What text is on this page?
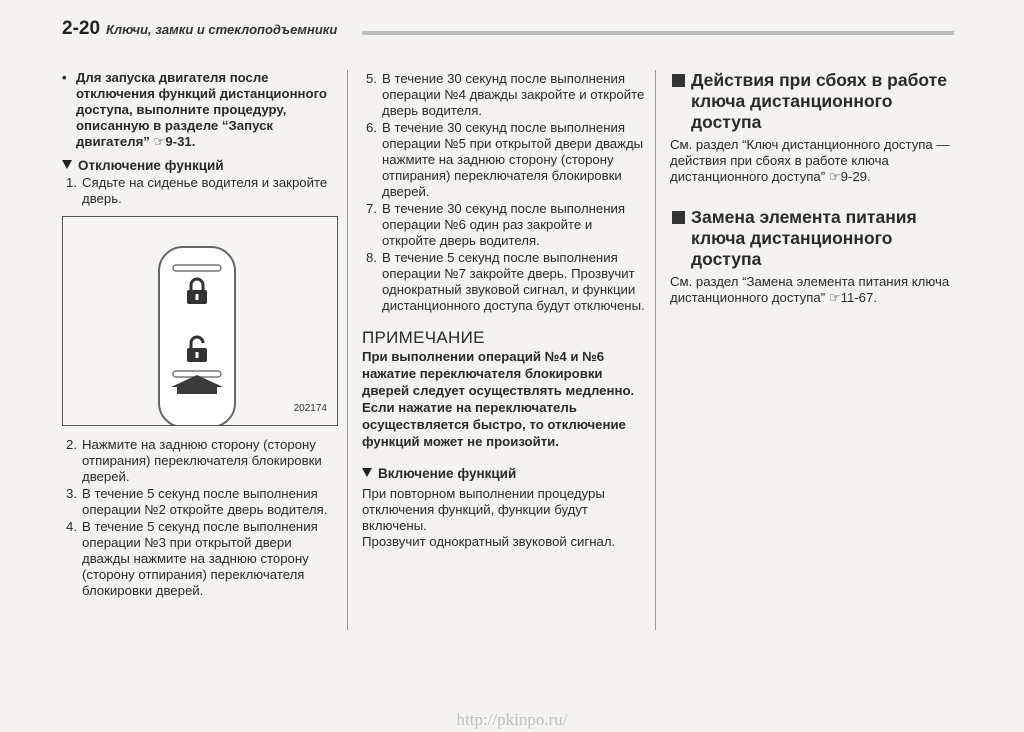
2-20 Ключи, замки и стеклоподъемники
• Для запуска двигателя после отключения функций дистанционного доступа, выполните процедуру, описанную в разделе “Запуск двигателя” ☞9-31.
Отключение функций
1. Сядьте на сиденье водителя и закройте дверь.
202174
2. Нажмите на заднюю сторону (сторону отпирания) переключателя блокировки дверей.
3. В течение 5 секунд после выполнения операции №2 откройте дверь водителя.
4. В течение 5 секунд после выполнения операции №3 при открытой двери дважды нажмите на заднюю сторону (сторону отпирания) переключателя блокировки дверей.
5. В течение 30 секунд после выполнения операции №4 дважды закройте и откройте дверь водителя.
6. В течение 30 секунд после выполнения операции №5 при открытой двери дважды нажмите на заднюю сторону (сторону отпирания) переключателя блокировки дверей.
7. В течение 30 секунд после выполнения операции №6 один раз закройте и откройте дверь водителя.
8. В течение 5 секунд после выполнения операции №7 закройте дверь. Прозвучит однократный звуковой сигнал, и функции дистанционного доступа будут отключены.

ПРИМЕЧАНИЕ

При выполнении операций №4 и №6 нажатие переключателя блокировки дверей следует осуществлять медленно. Если нажатие на переключатель осуществляется быстро, то отключение функций может не произойти.

Включение функций

При повторном выполнении процедуры отключения функций, функции будут включены.

Прозвучит однократный звуковой сигнал.

Действия при сбоях в работе ключа дистанционного доступа

См. раздел “Ключ дистанционного доступа — действия при сбоях в работе ключа дистанционного доступа” ☞9-29.

Замена элемента питания ключа дистанционного доступа

См. раздел “Замена элемента питания ключа дистанционного доступа” ☞11-67.

http://pkinpo.ru/
